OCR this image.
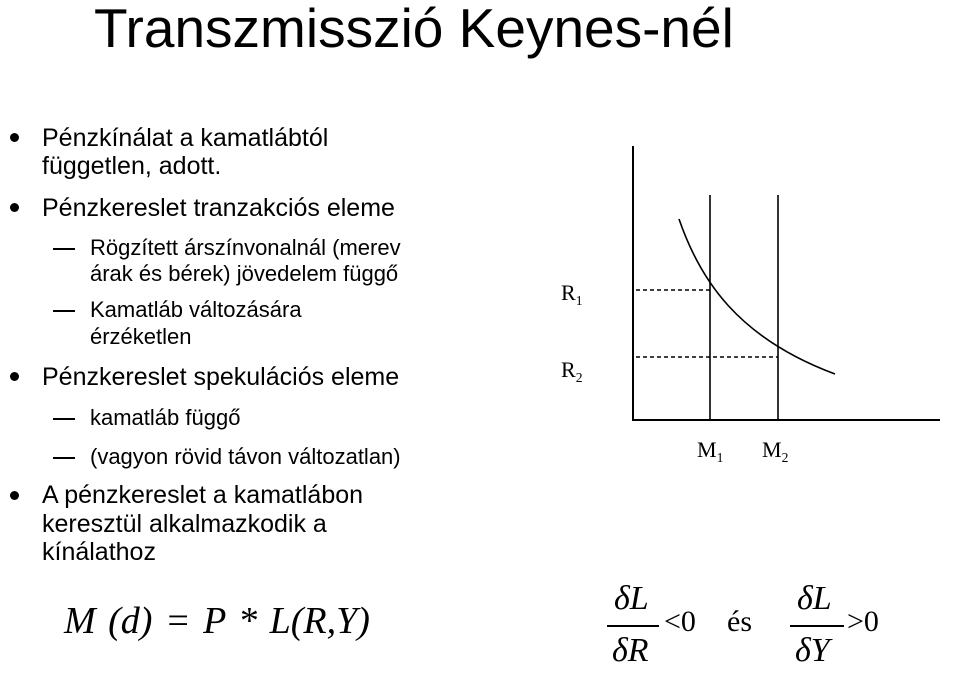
Transzmisszió Keynes-nél
Pénzkínálat a kamatlábtól
független, adott.
Pénzkereslet tranzakciós eleme
Rögzített árszínvonalnál (merev
árak és bérek) jövedelem függő
Kamatláb változására
érzéketlen
Pénzkereslet spekulációs eleme
kamatláb függő
(vagyon rövid távon változatlan)
A pénzkereslet a kamatlábon
keresztül alkalmazkodik a
kínálathoz
$R_1$
$R_2$
$M_1$ $M_2$
M (d) = P * L(R,Y)
δL
δR
<0 és
δL
δY
>0
